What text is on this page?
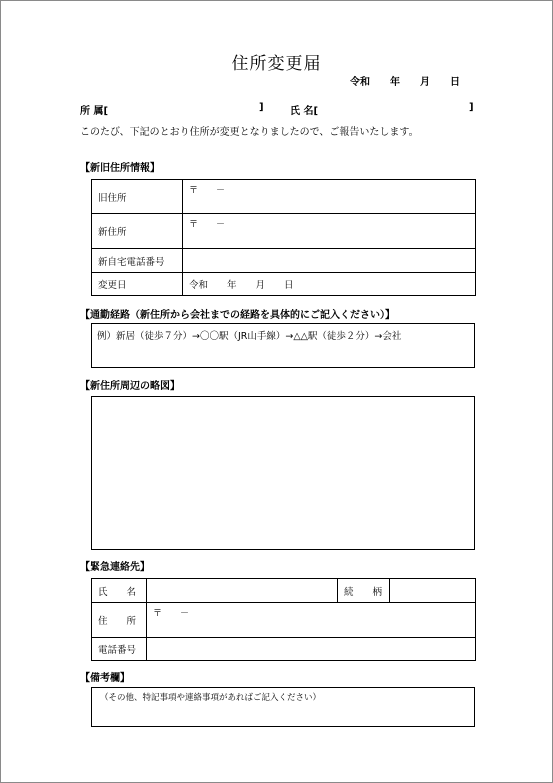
住所変更届
令和　　年　　月　　日
所 属[	]	氏 名[	]
このたび、下記のとおり住所が変更となりましたので、ご報告いたします。
【新旧住所情報】
旧住所	〒　　－

新住所	〒　　－

新自宅電話番号	
変更日	令和　　年　　月　　日
【通勤経路（新住所から会社までの経路を具体的にご記入ください）】
例）新居（徒歩７分）→〇〇駅（JR山手線）→△△駅（徒歩２分）→会社
【新住所周辺の略図】
【緊急連絡先】
氏　　名		続　　柄	
住　　所	〒　　－		

電話番号			
【備考欄】
（その他、特記事項や連絡事項があればご記入ください）
